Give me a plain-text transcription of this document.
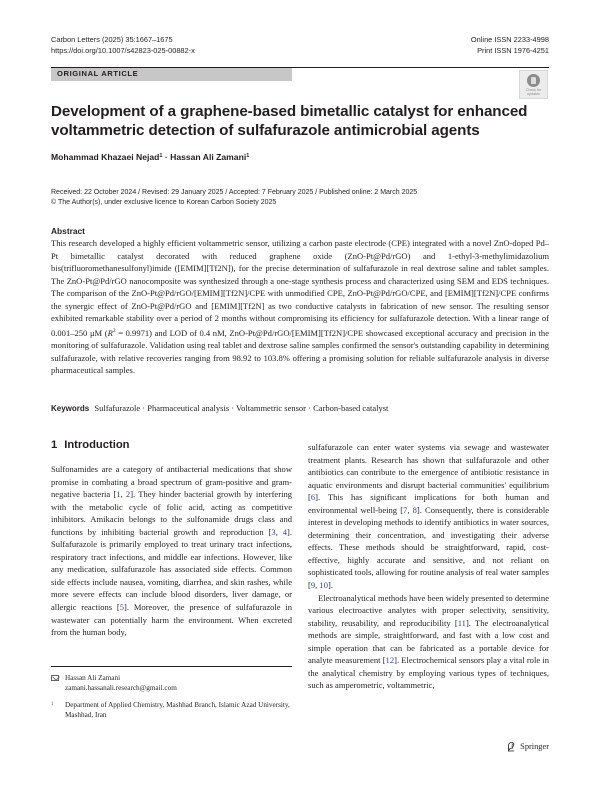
Carbon Letters (2025) 35:1667–1675
https://doi.org/10.1007/s42823-025-00882-x
Online ISSN 2233-4998
Print ISSN 1976-4251
ORIGINAL ARTICLE
Check for
updates
Development of a graphene-based bimetallic catalyst for enhanced voltammetric detection of sulfafurazole antimicrobial agents
Mohammad Khazaei Nejad$^1$ · Hassan Ali Zamani$^1$
Received: 22 October 2024 / Revised: 29 January 2025 / Accepted: 7 February 2025 / Published online: 2 March 2025
© The Author(s), under exclusive licence to Korean Carbon Society 2025
Abstract

This research developed a highly efficient voltammetric sensor, utilizing a carbon paste electrode (CPE) integrated with a novel ZnO-doped Pd–Pt bimetallic catalyst decorated with reduced graphene oxide (ZnO-Pt@Pd/rGO) and 1-ethyl-3-methylimidazolium bis(trifluoromethanesulfonyl)imide ([EMIM][Tf2N]), for the precise determination of sulfafurazole in real dextrose saline and tablet samples. The ZnO-Pt@Pd/rGO nanocomposite was synthesized through a one-stage synthesis process and characterized using SEM and EDS techniques. The comparison of the ZnO-Pt@Pd/rGO/[EMIM][Tf2N]/CPE with unmodified CPE, ZnO-Pt@Pd/rGO/CPE, and [EMIM][Tf2N]/CPE confirms the synergic effect of ZnO-Pt@Pd/rGO and [EMIM][Tf2N] as two conductive catalysts in fabrication of new sensor. The resulting sensor exhibited remarkable stability over a period of 2 months without compromising its efficiency for sulfafurazole detection. With a linear range of 0.001–250 μM $(R^2 = 0.9971)$ and LOD of 0.4 nM, ZnO-Pt@Pd/rGO/[EMIM][Tf2N]/CPE showcased exceptional accuracy and precision in the monitoring of sulfafurazole. Validation using real tablet and dextrose saline samples confirmed the sensor's outstanding capability in determining sulfafurazole, with relative recoveries ranging from 98.92 to 103.8% offering a promising solution for reliable sulfafurazole analysis in diverse pharmaceutical samples.

Keywords Sulfafurazole · Pharmaceutical analysis · Voltammetric sensor · Carbon-based catalyst
1 Introduction

Sulfonamides are a category of antibacterial medications that show promise in combating a broad spectrum of gram-positive and gram-negative bacteria [1, 2]. They hinder bacterial growth by interfering with the metabolic cycle of folic acid, acting as competitive inhibitors. Amikacin belongs to the sulfonamide drugs class and functions by inhibiting bacterial growth and reproduction [3, 4]. Sulfafurazole is primarily employed to treat urinary tract infections, respiratory tract infections, and middle ear infections. However, like any medication, sulfafurazole has associated side effects. Common side effects include nausea, vomiting, diarrhea, and skin rashes, while more severe effects can include blood disorders, liver damage, or allergic reactions [5]. Moreover, the presence of sulfafurazole in wastewater can potentially harm the environment. When excreted from the human body,

sulfafurazole can enter water systems via sewage and wastewater treatment plants. Research has shown that sulfafurazole and other antibiotics can contribute to the emergence of antibiotic resistance in aquatic environments and disrupt bacterial communities' equilibrium [6]. This has significant implications for both human and environmental well-being [7, 8]. Consequently, there is considerable interest in developing methods to identify antibiotics in water sources, determining their concentration, and investigating their adverse effects. These methods should be straightforward, rapid, cost-effective, highly accurate and sensitive, and not reliant on sophisticated tools, allowing for routine analysis of real water samples [9, 10].

Electroanalytical methods have been widely presented to determine various electroactive analytes with proper selectivity, sensitivity, stability, reusability, and reproducibility [11]. The electroanalytical methods are simple, straightforward, and fast with a low cost and simple operation that can be fabricated as a portable device for analyte measurement [12]. Electrochemical sensors play a vital role in the analytical chemistry by employing various types of techniques, such as amperometric, voltammetric,

Hassan Ali Zamani
zamani.hassanali.research@gmail.com
1	Department of Applied Chemistry, Mashhad Branch, Islamic Azad University, Mashhad, Iran
Springer
